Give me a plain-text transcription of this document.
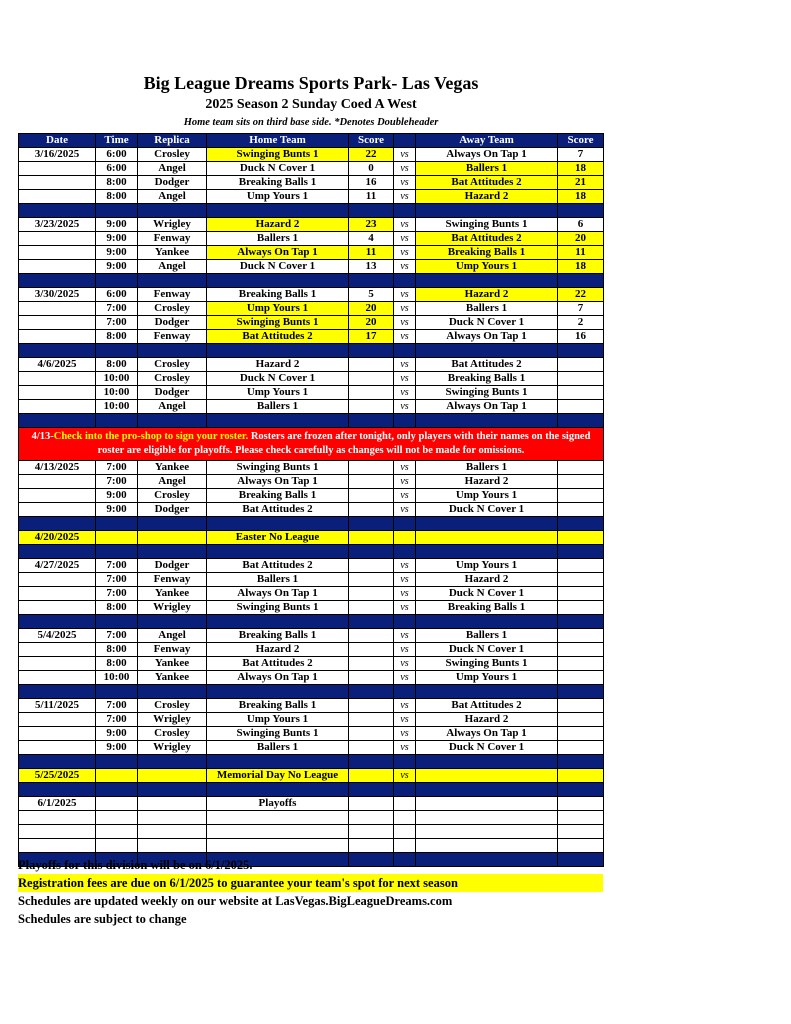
Big League Dreams Sports Park- Las Vegas
2025 Season 2 Sunday Coed A West
Home team sits on third base side. *Denotes Doubleheader
Date	Time	Replica	Home Team	Score		Away Team	Score
3/16/2025	6:00	Crosley	Swinging Bunts 1	22	vs	Always On Tap 1	7
	6:00	Angel	Duck N Cover 1	0	vs	Ballers 1	18
	8:00	Dodger	Breaking Balls 1	16	vs	Bat Attitudes 2	21
	8:00	Angel	Ump Yours 1	11	vs	Hazard 2	18

3/23/2025	9:00	Wrigley	Hazard 2	23	vs	Swinging Bunts 1	6
	9:00	Fenway	Ballers 1	4	vs	Bat Attitudes 2	20
	9:00	Yankee	Always On Tap 1	11	vs	Breaking Balls 1	11
	9:00	Angel	Duck N Cover 1	13	vs	Ump Yours 1	18

3/30/2025	6:00	Fenway	Breaking Balls 1	5	vs	Hazard 2	22
	7:00	Crosley	Ump Yours 1	20	vs	Ballers 1	7
	7:00	Dodger	Swinging Bunts 1	20	vs	Duck N Cover 1	2
	8:00	Fenway	Bat Attitudes 2	17	vs	Always On Tap 1	16

4/6/2025	8:00	Crosley	Hazard 2		vs	Bat Attitudes 2	
	10:00	Crosley	Duck N Cover 1		vs	Breaking Balls 1	
	10:00	Dodger	Ump Yours 1		vs	Swinging Bunts 1	
	10:00	Angel	Ballers 1		vs	Always On Tap 1	

4/13-Check into the pro-shop to sign your roster. Rosters are frozen after tonight, only players with their names on the signed roster are eligible for playoffs. Please check carefully as changes will not be made for omissions.							
4/13/2025	7:00	Yankee	Swinging Bunts 1		vs	Ballers 1	
	7:00	Angel	Always On Tap 1		vs	Hazard 2	
	9:00	Crosley	Breaking Balls 1		vs	Ump Yours 1	
	9:00	Dodger	Bat Attitudes 2		vs	Duck N Cover 1	

4/20/2025			Easter No League				

4/27/2025	7:00	Dodger	Bat Attitudes 2		vs	Ump Yours 1	
	7:00	Fenway	Ballers 1		vs	Hazard 2	
	7:00	Yankee	Always On Tap 1		vs	Duck N Cover 1	
	8:00	Wrigley	Swinging Bunts 1		vs	Breaking Balls 1	

5/4/2025	7:00	Angel	Breaking Balls 1		vs	Ballers 1	
	8:00	Fenway	Hazard 2		vs	Duck N Cover 1	
	8:00	Yankee	Bat Attitudes 2		vs	Swinging Bunts 1	
	10:00	Yankee	Always On Tap 1		vs	Ump Yours 1	

5/11/2025	7:00	Crosley	Breaking Balls 1		vs	Bat Attitudes 2	
	7:00	Wrigley	Ump Yours 1		vs	Hazard 2	
	9:00	Crosley	Swinging Bunts 1		vs	Always On Tap 1	
	9:00	Wrigley	Ballers 1		vs	Duck N Cover 1	

5/25/2025			Memorial Day No League		vs		

6/1/2025			Playoffs				

Playoffs for this division will be on 6/1/2025.
Registration fees are due on 6/1/2025 to guarantee your team's spot for next season
Schedules are updated weekly on our website at LasVegas.BigLeagueDreams.com
Schedules are subject to change
